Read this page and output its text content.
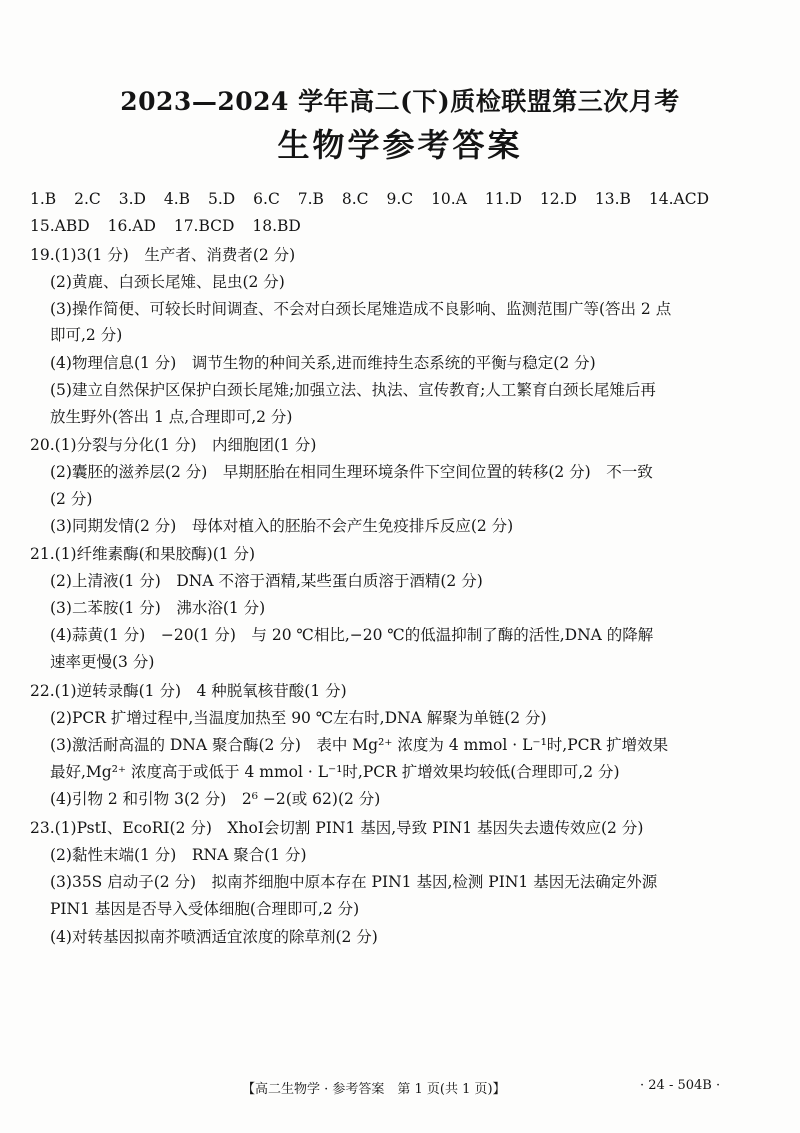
2023—2024 学年高二(下)质检联盟第三次月考
生物学参考答案
1.B 2.C 3.D 4.B 5.D 6.C 7.B 8.C 9.C 10.A 11.D 12.D 13.B 14.ACD
15.ABD 16.AD 17.BCD 18.BD
19.(1)3(1 分)　生产者、消费者(2 分)
(2)黄鹿、白颈长尾雉、昆虫(2 分)
(3)操作简便、可较长时间调查、不会对白颈长尾雉造成不良影响、监测范围广等(答出 2 点
即可,2 分)
(4)物理信息(1 分)　调节生物的种间关系,进而维持生态系统的平衡与稳定(2 分)
(5)建立自然保护区保护白颈长尾雉;加强立法、执法、宣传教育;人工繁育白颈长尾雉后再
放生野外(答出 1 点,合理即可,2 分)
20.(1)分裂与分化(1 分)　内细胞团(1 分)
(2)囊胚的滋养层(2 分)　早期胚胎在相同生理环境条件下空间位置的转移(2 分)　不一致
(2 分)
(3)同期发情(2 分)　母体对植入的胚胎不会产生免疫排斥反应(2 分)
21.(1)纤维素酶(和果胶酶)(1 分)
(2)上清液(1 分)　DNA 不溶于酒精,某些蛋白质溶于酒精(2 分)
(3)二苯胺(1 分)　沸水浴(1 分)
(4)蒜黄(1 分)　−20(1 分)　与 20 ℃相比,−20 ℃的低温抑制了酶的活性,DNA 的降解
速率更慢(3 分)
22.(1)逆转录酶(1 分)　4 种脱氧核苷酸(1 分)
(2)PCR 扩增过程中,当温度加热至 90 ℃左右时,DNA 解聚为单链(2 分)
(3)激活耐高温的 DNA 聚合酶(2 分)　表中 Mg²⁺ 浓度为 4 mmol · L⁻¹时,PCR 扩增效果
最好,Mg²⁺ 浓度高于或低于 4 mmol · L⁻¹时,PCR 扩增效果均较低(合理即可,2 分)
(4)引物 2 和引物 3(2 分)　2⁶ −2(或 62)(2 分)
23.(1)PstⅠ、EcoRⅠ(2 分)　XhoⅠ会切割 PIN1 基因,导致 PIN1 基因失去遗传效应(2 分)
(2)黏性末端(1 分)　RNA 聚合(1 分)
(3)35S 启动子(2 分)　拟南芥细胞中原本存在 PIN1 基因,检测 PIN1 基因无法确定外源
PIN1 基因是否导入受体细胞(合理即可,2 分)
(4)对转基因拟南芥喷洒适宜浓度的除草剂(2 分)
【高二生物学 · 参考答案　第 1 页(共 1 页)】	· 24 - 504B ·
